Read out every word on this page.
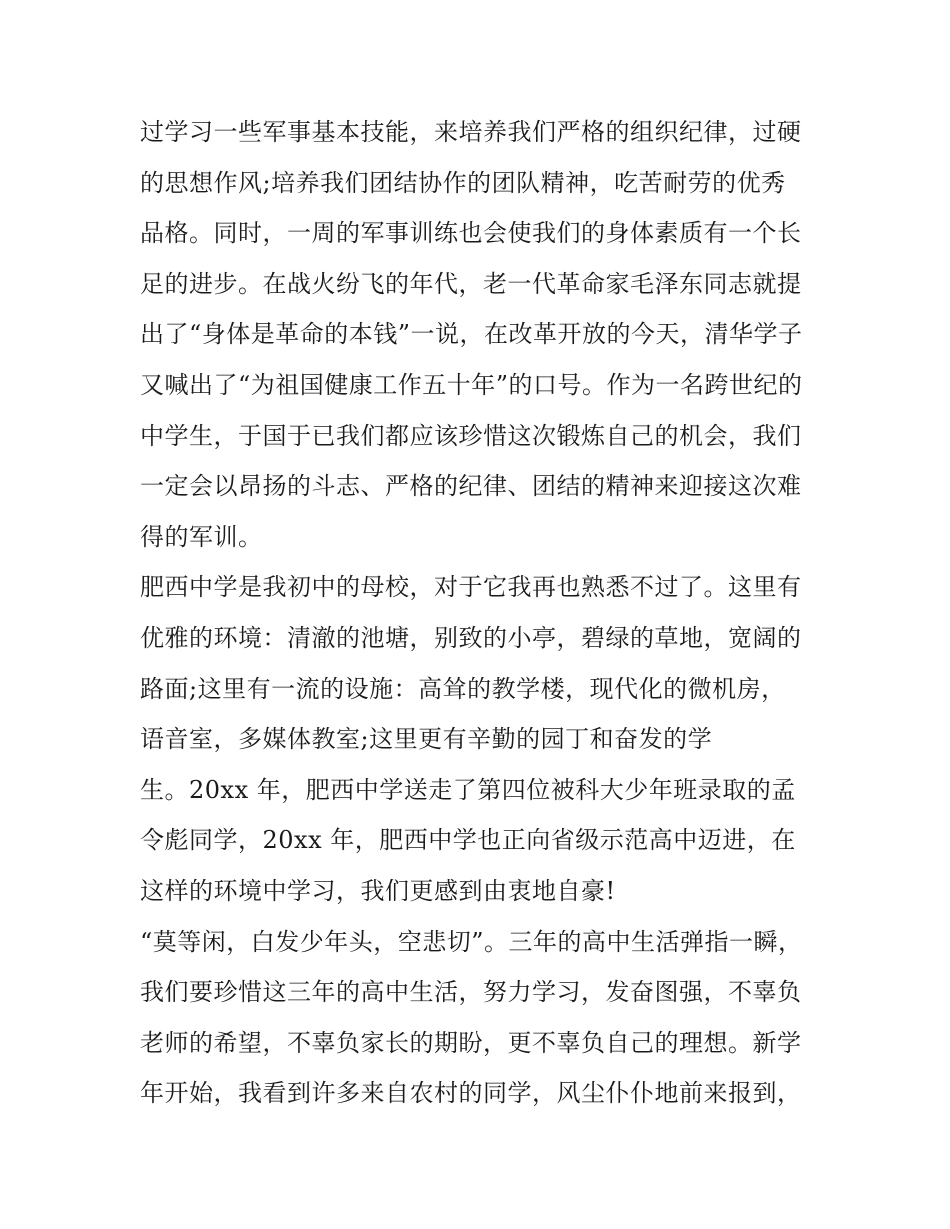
过学习一些军事基本技能，来培养我们严格的组织纪律，过硬
的思想作风;培养我们团结协作的团队精神，吃苦耐劳的优秀
品格。同时，一周的军事训练也会使我们的身体素质有一个长
足的进步。在战火纷飞的年代，老一代革命家毛泽东同志就提
出了“身体是革命的本钱”一说，在改革开放的今天，清华学子
又喊出了“为祖国健康工作五十年”的口号。作为一名跨世纪的
中学生，于国于已我们都应该珍惜这次锻炼自己的机会，我们
一定会以昂扬的斗志、严格的纪律、团结的精神来迎接这次难
得的军训。
肥西中学是我初中的母校，对于它我再也熟悉不过了。这里有
优雅的环境：清澈的池塘，别致的小亭，碧绿的草地，宽阔的
路面;这里有一流的设施：高耸的教学楼，现代化的微机房，
语音室，多媒体教室;这里更有辛勤的园丁和奋发的学
生。20xx 年，肥西中学送走了第四位被科大少年班录取的孟
令彪同学，20xx 年，肥西中学也正向省级示范高中迈进，在
这样的环境中学习，我们更感到由衷地自豪!
“莫等闲，白发少年头，空悲切”。三年的高中生活弹指一瞬，
我们要珍惜这三年的高中生活，努力学习，发奋图强，不辜负
老师的希望，不辜负家长的期盼，更不辜负自己的理想。新学
年开始，我看到许多来自农村的同学，风尘仆仆地前来报到，
